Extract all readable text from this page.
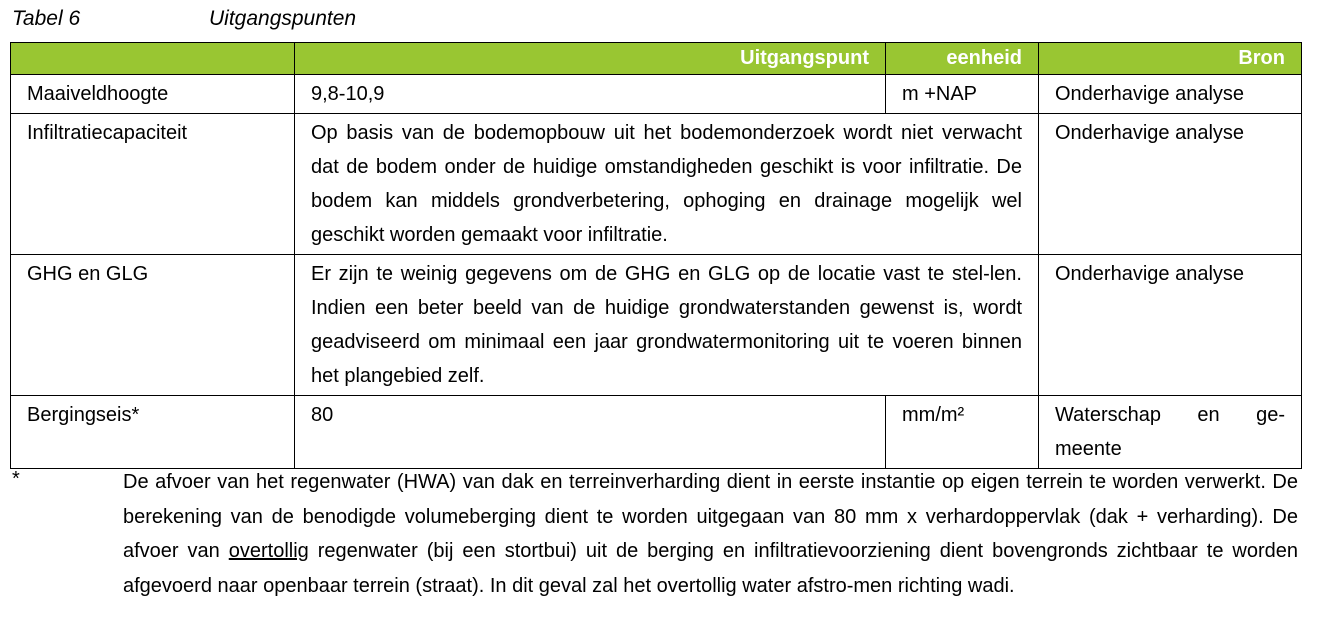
Tabel 6	Uitgangspunten
	Uitgangspunt	eenheid	Bron
Maaiveldhoogte	9,8-10,9	m +NAP	Onderhavige analyse
Infiltratiecapaciteit	Op basis van de bodemopbouw uit het bodemonderzoek wordt niet verwacht dat de bodem onder de huidige omstandigheden geschikt is voor infiltratie. De bodem kan middels grondverbetering, ophoging en drainage mogelijk wel geschikt worden gemaakt voor infiltratie.		Onderhavige analyse
GHG en GLG	Er zijn te weinig gegevens om de GHG en GLG op de locatie vast te stel-len. Indien een beter beeld van de huidige grondwaterstanden gewenst is, wordt geadviseerd om minimaal een jaar grondwatermonitoring uit te voeren binnen het plangebied zelf.		Onderhavige analyse
Bergingseis*	80	mm/m²	Waterschap en ge-
meente
*	De afvoer van het regenwater (HWA) van dak en terreinverharding dient in eerste instantie op eigen terrein te worden verwerkt. De berekening van de benodigde volumeberging dient te worden uitgegaan van 80 mm x verhardoppervlak (dak + verharding). De afvoer van overtollig regenwater (bij een stortbui) uit de berging en infiltratievoorziening dient bovengronds zichtbaar te worden afgevoerd naar openbaar terrein (straat). In dit geval zal het overtollig water afstro-men richting wadi.
